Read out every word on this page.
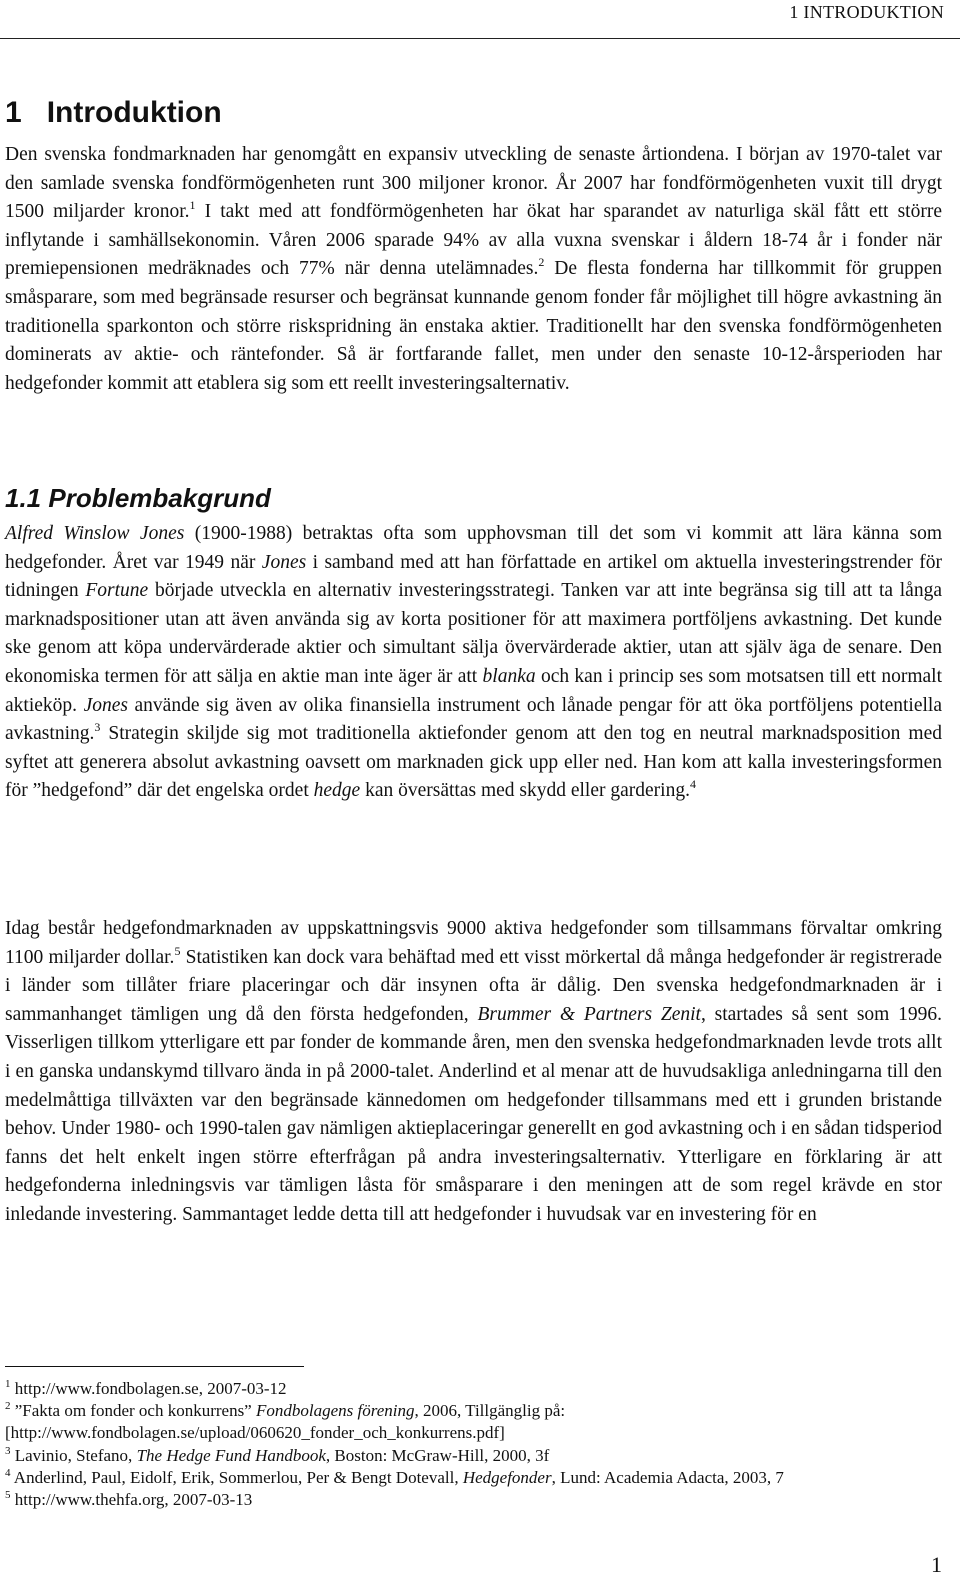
1 INTRODUKTION
1 Introduktion

Den svenska fondmarknaden har genomgått en expansiv utveckling de senaste årtiondena. I början av 1970-talet var den samlade svenska fondförmögenheten runt 300 miljoner kronor. År 2007 har fondförmögenheten vuxit till drygt 1500 miljarder kronor.$^1$ I takt med att fondförmögenheten har ökat har sparandet av naturliga skäl fått ett större inflytande i samhällsekonomin. Våren 2006 sparade 94% av alla vuxna svenskar i åldern 18-74 år i fonder när premiepensionen medräknades och 77% när denna utelämnades.$^2$ De flesta fonderna har tillkommit för gruppen småsparare, som med begränsade resurser och begränsat kunnande genom fonder får möjlighet till högre avkastning än traditionella sparkonton och större riskspridning än enstaka aktier. Traditionellt har den svenska fondförmögenheten dominerats av aktie- och räntefonder. Så är fortfarande fallet, men under den senaste 10-12-årsperioden har hedgefonder kommit att etablera sig som ett reellt investeringsalternativ.

1.1 Problembakgrund

Alfred Winslow Jones (1900-1988) betraktas ofta som upphovsman till det som vi kommit att lära känna som hedgefonder. Året var 1949 när Jones i samband med att han författade en artikel om aktuella investeringstrender för tidningen Fortune började utveckla en alternativ investeringsstrategi. Tanken var att inte begränsa sig till att ta långa marknadspositioner utan att även använda sig av korta positioner för att maximera portföljens avkastning. Det kunde ske genom att köpa undervärderade aktier och simultant sälja övervärderade aktier, utan att själv äga de senare. Den ekonomiska termen för att sälja en aktie man inte äger är att blanka och kan i princip ses som motsatsen till ett normalt aktieköp. Jones använde sig även av olika finansiella instrument och lånade pengar för att öka portföljens potentiella avkastning.$^3$ Strategin skiljde sig mot traditionella aktiefonder genom att den tog en neutral marknadsposition med syftet att generera absolut avkastning oavsett om marknaden gick upp eller ned. Han kom att kalla investeringsformen för ”hedgefond” där det engelska ordet hedge kan översättas med skydd eller gardering.$^4$

Idag består hedgefondmarknaden av uppskattningsvis 9000 aktiva hedgefonder som tillsammans förvaltar omkring 1100 miljarder dollar.$^5$ Statistiken kan dock vara behäftad med ett visst mörkertal då många hedgefonder är registrerade i länder som tillåter friare placeringar och där insynen ofta är dålig. Den svenska hedgefondmarknaden är i sammanhanget tämligen ung då den första hedgefonden, Brummer & Partners Zenit, startades så sent som 1996. Visserligen tillkom ytterligare ett par fonder de kommande åren, men den svenska hedgefondmarknaden levde trots allt i en ganska undanskymd tillvaro ända in på 2000-talet. Anderlind et al menar att de huvudsakliga anledningarna till den medelmåttiga tillväxten var den begränsade kännedomen om hedgefonder tillsammans med ett i grunden bristande behov. Under 1980- och 1990-talen gav nämligen aktieplaceringar generellt en god avkastning och i en sådan tidsperiod fanns det helt enkelt ingen större efterfrågan på andra investeringsalternativ. Ytterligare en förklaring är att hedgefonderna inledningsvis var tämligen låsta för småsparare i den meningen att de som regel krävde en stor inledande investering. Sammantaget ledde detta till att hedgefonder i huvudsak var en investering för en

$^1$ http://www.fondbolagen.se, 2007-03-12
$^2$ ”Fakta om fonder och konkurrens” Fondbolagens förening, 2006, Tillgänglig på:
[http://www.fondbolagen.se/upload/060620_fonder_och_konkurrens.pdf]
$^3$ Lavinio, Stefano, The Hedge Fund Handbook, Boston: McGraw-Hill, 2000, 3f
$^4$ Anderlind, Paul, Eidolf, Erik, Sommerlou, Per & Bengt Dotevall, Hedgefonder, Lund: Academia Adacta, 2003, 7
$^5$ http://www.thehfa.org, 2007-03-13
1
